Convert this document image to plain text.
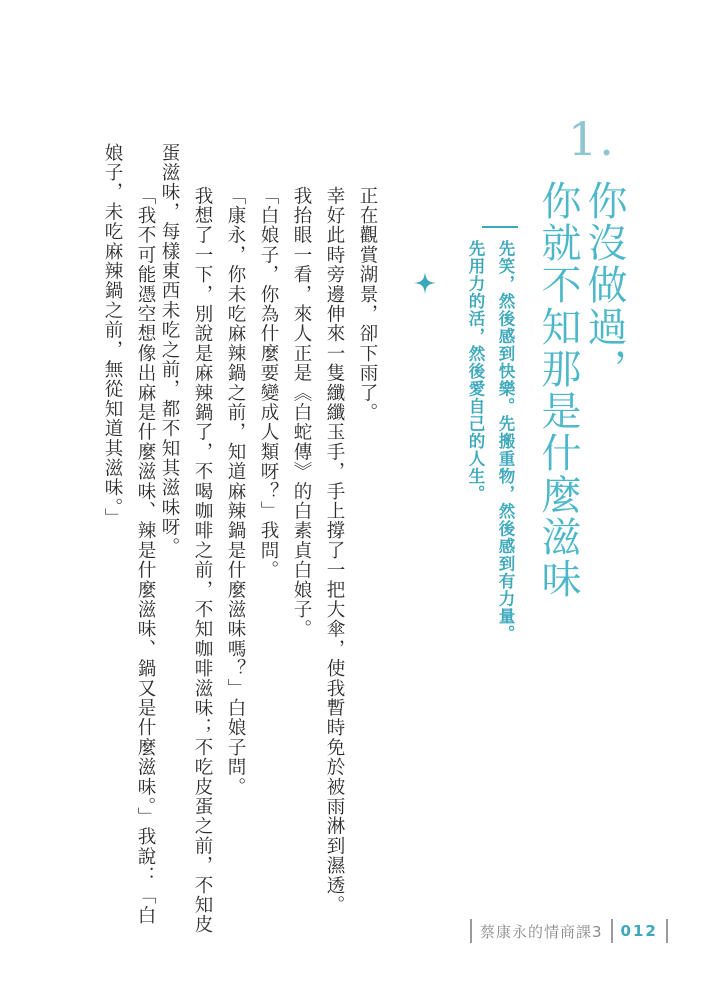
1.
你沒做過，
你就不知那是什麼滋味
先笑，然後感到快樂。先搬重物，然後感到有力量。
先用力的活，然後愛自己的人生。
正在觀賞湖景，卻下雨了。
幸好此時旁邊伸來一隻纖纖玉手，手上撐了一把大傘，使我暫時免於被雨淋到濕透。
我抬眼一看，來人正是《白蛇傳》的白素貞白娘子。
「白娘子，你為什麼要變成人類呀？」我問。
「康永，你未吃麻辣鍋之前，知道麻辣鍋是什麼滋味嗎？」白娘子問。
我想了一下，別說是麻辣鍋了，不喝咖啡之前，不知咖啡滋味；不吃皮蛋之前，不知皮
蛋滋味，每樣東西未吃之前，都不知其滋味呀。
「我不可能憑空想像出麻是什麼滋味、辣是什麼滋味、鍋又是什麼滋味。」我說：「白
娘子，未吃麻辣鍋之前，無從知道其滋味。」
蔡康永的情商課3 012
